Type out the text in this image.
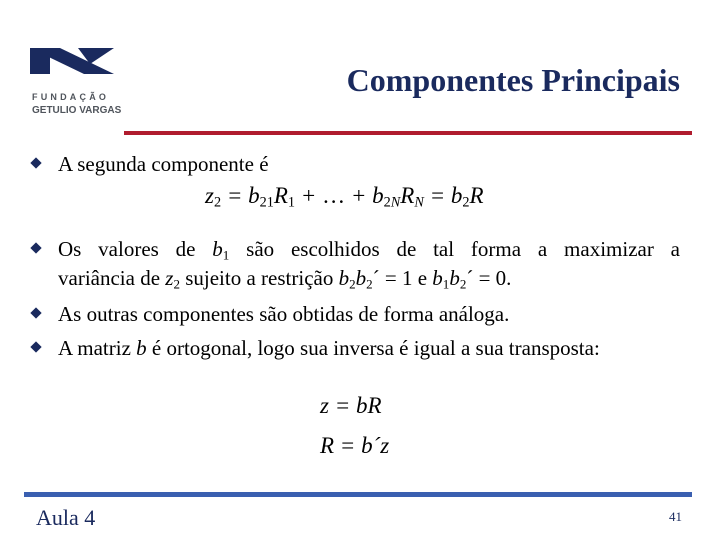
FUNDAÇÃO
GETULIO VARGAS
Componentes Principais
A segunda componente é
$z_2 = b_{21}R_1$ + … + $b_{2N}R_N = b_2R$
Os valores de $b_1$ são escolhidos de tal forma a maximizar a
variância de $z_2$ sujeito a restrição $b_2b_2´ = 1$ e $b_1b_2´ = 0$.
As outras componentes são obtidas de forma análoga.
A matriz b é ortogonal, logo sua inversa é igual a sua transposta:
z = bR
R = b´z
Aula 4	41
